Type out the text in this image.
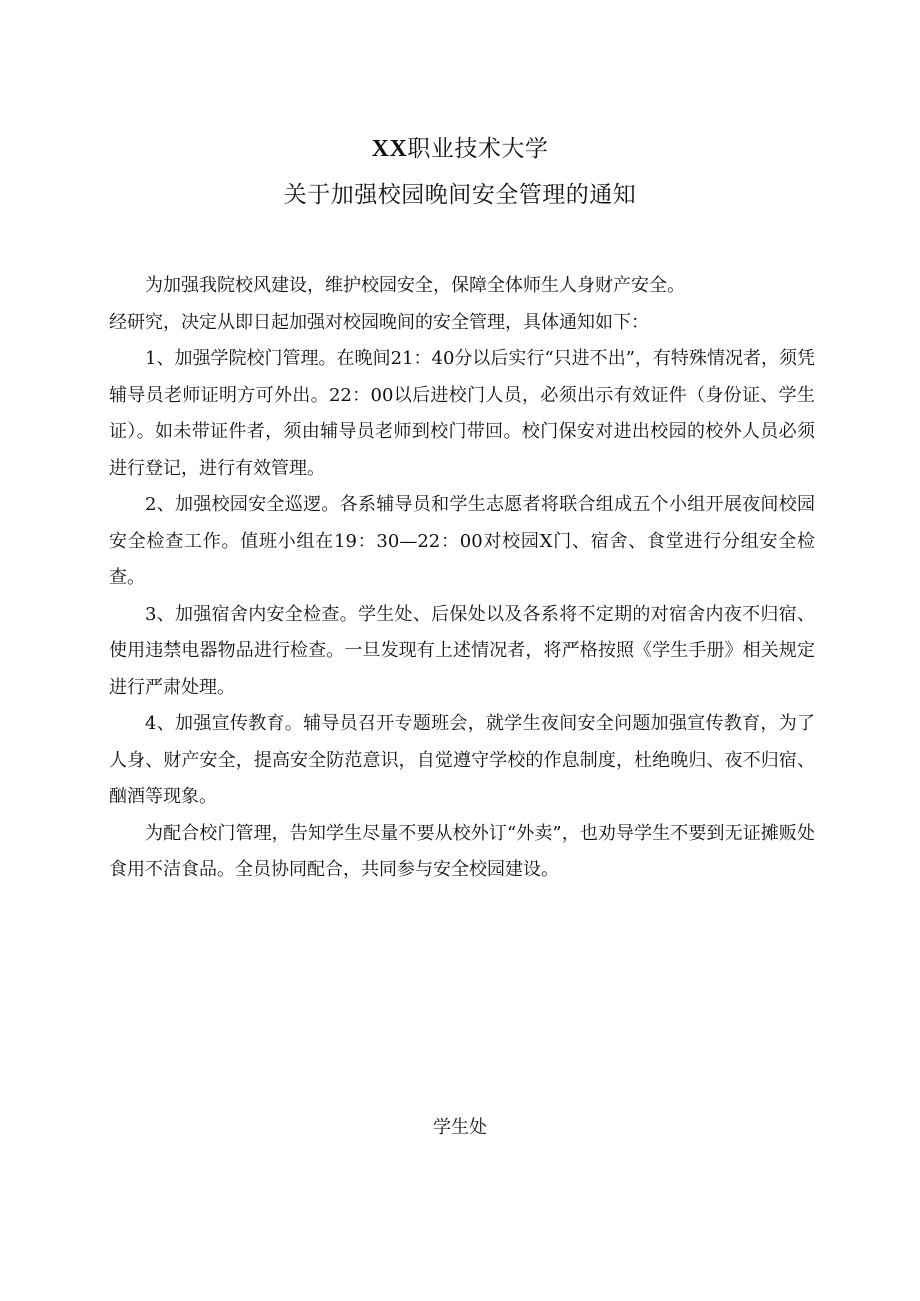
XX职业技术大学
关于加强校园晚间安全管理的通知

为加强我院校风建设，维护校园安全，保障全体师生人身财产安全。

经研究，决定从即日起加强对校园晚间的安全管理，具体通知如下：

1、加强学院校门管理。在晚间21：40分以后实行“只进不出”，有特殊情况者，须凭辅导员老师证明方可外出。22：00以后进校门人员，必须出示有效证件（身份证、学生证）。如未带证件者，须由辅导员老师到校门带回。校门保安对进出校园的校外人员必须进行登记，进行有效管理。

2、加强校园安全巡逻。各系辅导员和学生志愿者将联合组成五个小组开展夜间校园安全检查工作。值班小组在19：30—22：00对校园X门、宿舍、食堂进行分组安全检查。

3、加强宿舍内安全检查。学生处、后保处以及各系将不定期的对宿舍内夜不归宿、使用违禁电器物品进行检查。一旦发现有上述情况者，将严格按照《学生手册》相关规定进行严肃处理。

4、加强宣传教育。辅导员召开专题班会，就学生夜间安全问题加强宣传教育，为了人身、财产安全，提高安全防范意识，自觉遵守学校的作息制度，杜绝晚归、夜不归宿、酗酒等现象。

为配合校门管理，告知学生尽量不要从校外订“外卖”，也劝导学生不要到无证摊贩处食用不洁食品。全员协同配合，共同参与安全校园建设。

学生处
